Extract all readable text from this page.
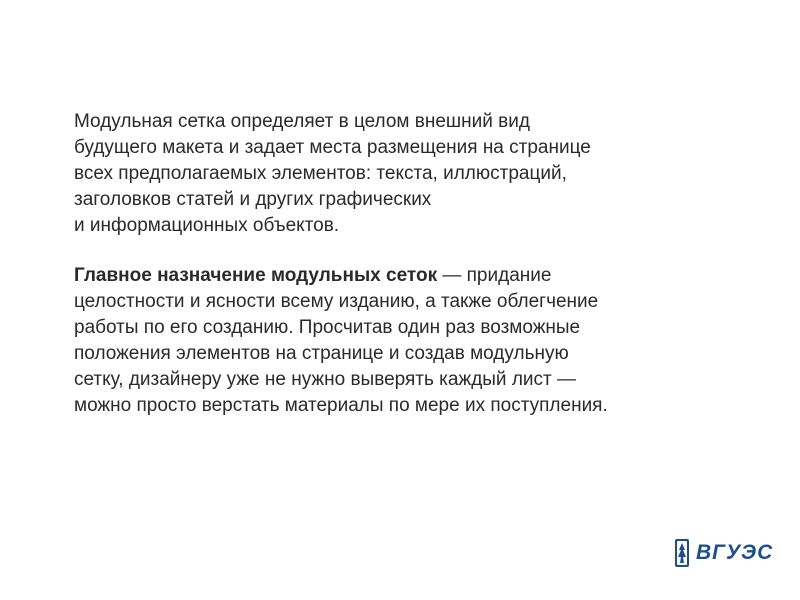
Модульная сетка определяет в целом внешний вид
будущего макета и задает места размещения на странице
всех предполагаемых элементов: текста, иллюстраций,
заголовков статей и других графических
и информационных объектов.

Главное назначение модульных сеток — придание
целостности и ясности всему изданию, а также облегчение
работы по его созданию. Просчитав один раз возможные
положения элементов на странице и создав модульную
сетку, дизайнеру уже не нужно выверять каждый лист —
можно просто верстать материалы по мере их поступления.

ВГУЭС
